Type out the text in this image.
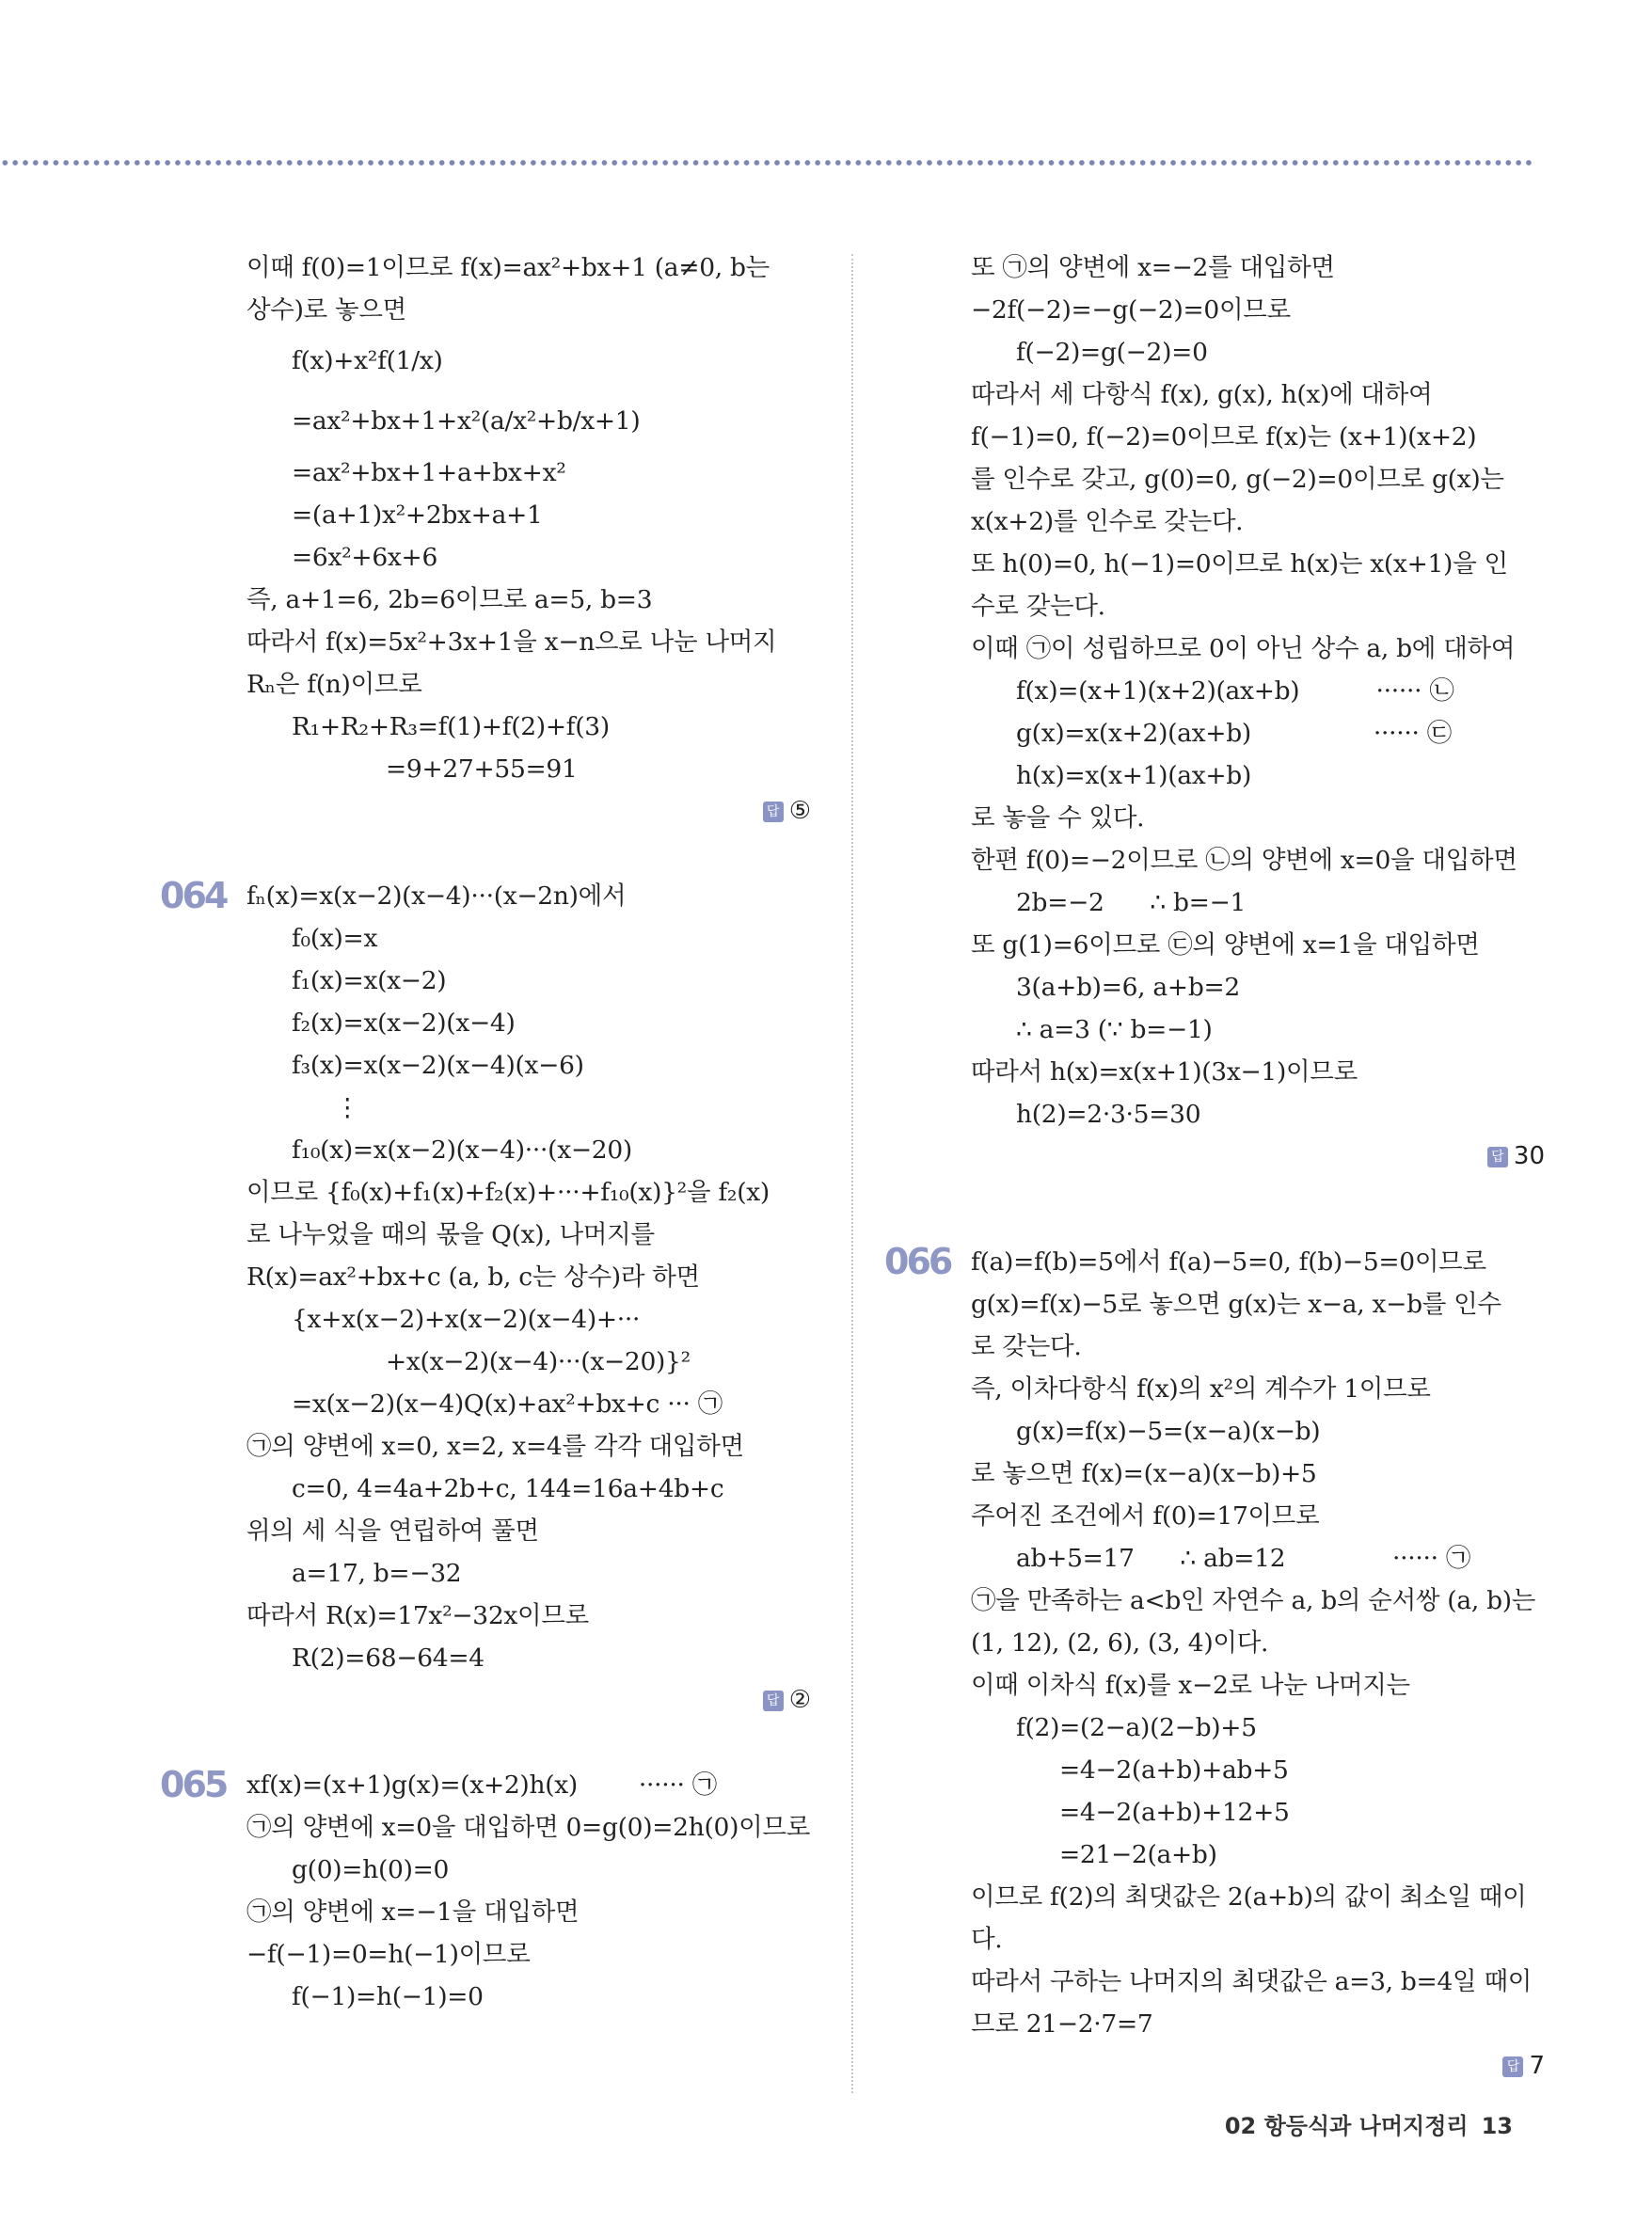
이때 f(0)=1이므로 f(x)=ax²+bx+1 (a≠0, b는
상수)로 놓으면
f(x)+x²f(1/x)
=ax²+bx+1+x²(a/x²+b/x+1)
=ax²+bx+1+a+bx+x²
=(a+1)x²+2bx+a+1
=6x²+6x+6
즉, a+1=6, 2b=6이므로 a=5, b=3
따라서 f(x)=5x²+3x+1을 x−n으로 나눈 나머지
Rₙ은 f(n)이므로
R₁+R₂+R₃=f(1)+f(2)+f(3)
=9+27+55=91
답 ⑤
064 fₙ(x)=x(x−2)(x−4)···(x−2n)에서
f₀(x)=x
f₁(x)=x(x−2)
f₂(x)=x(x−2)(x−4)
f₃(x)=x(x−2)(x−4)(x−6)
⋮
f₁₀(x)=x(x−2)(x−4)···(x−20)
이므로 {f₀(x)+f₁(x)+f₂(x)+···+f₁₀(x)}²을 f₂(x)
로 나누었을 때의 몫을 Q(x), 나머지를
R(x)=ax²+bx+c (a, b, c는 상수)라 하면
{x+x(x−2)+x(x−2)(x−4)+···
+x(x−2)(x−4)···(x−20)}²
=x(x−2)(x−4)Q(x)+ax²+bx+c ··· ㉠
㉠의 양변에 x=0, x=2, x=4를 각각 대입하면
c=0, 4=4a+2b+c, 144=16a+4b+c
위의 세 식을 연립하여 풀면
a=17, b=−32
따라서 R(x)=17x²−32x이므로
R(2)=68−64=4
답 ②
065 xf(x)=(x+1)g(x)=(x+2)h(x)        ······ ㉠
㉠의 양변에 x=0을 대입하면 0=g(0)=2h(0)이므로
g(0)=h(0)=0
㉠의 양변에 x=−1을 대입하면
−f(−1)=0=h(−1)이므로
f(−1)=h(−1)=0
또 ㉠의 양변에 x=−2를 대입하면
−2f(−2)=−g(−2)=0이므로
f(−2)=g(−2)=0
따라서 세 다항식 f(x), g(x), h(x)에 대하여
f(−1)=0, f(−2)=0이므로 f(x)는 (x+1)(x+2)
를 인수로 갖고, g(0)=0, g(−2)=0이므로 g(x)는
x(x+2)를 인수로 갖는다.
또 h(0)=0, h(−1)=0이므로 h(x)는 x(x+1)을 인
수로 갖는다.
이때 ㉠이 성립하므로 0이 아닌 상수 a, b에 대하여
f(x)=(x+1)(x+2)(ax+b)          ······ ㉡
g(x)=x(x+2)(ax+b)                ······ ㉢
h(x)=x(x+1)(ax+b)
로 놓을 수 있다.
한편 f(0)=−2이므로 ㉡의 양변에 x=0을 대입하면
2b=−2      ∴ b=−1
또 g(1)=6이므로 ㉢의 양변에 x=1을 대입하면
3(a+b)=6, a+b=2
∴ a=3 (∵ b=−1)
따라서 h(x)=x(x+1)(3x−1)이므로
h(2)=2·3·5=30
답 30
066 f(a)=f(b)=5에서 f(a)−5=0, f(b)−5=0이므로
g(x)=f(x)−5로 놓으면 g(x)는 x−a, x−b를 인수
로 갖는다.
즉, 이차다항식 f(x)의 x²의 계수가 1이므로
g(x)=f(x)−5=(x−a)(x−b)
로 놓으면 f(x)=(x−a)(x−b)+5
주어진 조건에서 f(0)=17이므로
ab+5=17      ∴ ab=12              ······ ㉠
㉠을 만족하는 a<b인 자연수 a, b의 순서쌍 (a, b)는
(1, 12), (2, 6), (3, 4)이다.
이때 이차식 f(x)를 x−2로 나눈 나머지는
f(2)=(2−a)(2−b)+5
=4−2(a+b)+ab+5
=4−2(a+b)+12+5
=21−2(a+b)
이므로 f(2)의 최댓값은 2(a+b)의 값이 최소일 때이
다.
따라서 구하는 나머지의 최댓값은 a=3, b=4일 때이
므로 21−2·7=7
답 7
02 항등식과 나머지정리 13
